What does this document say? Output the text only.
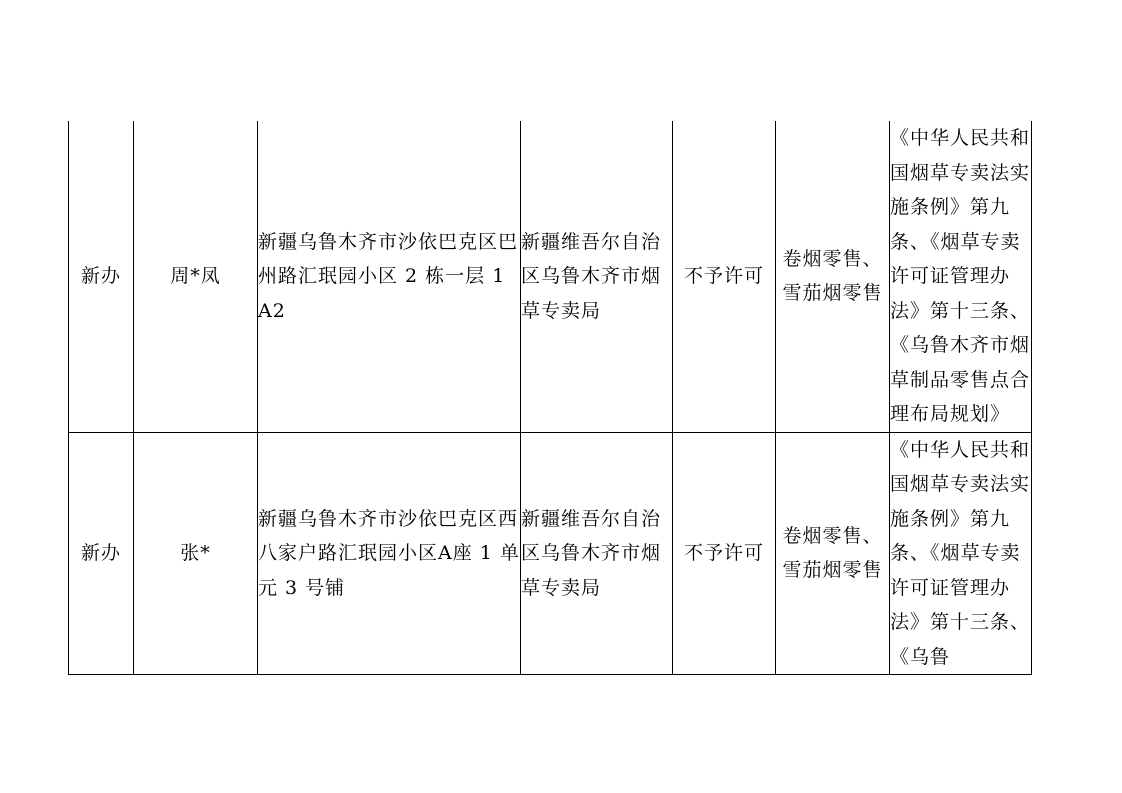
新办	周*凤	新疆乌鲁木齐市沙依巴克区巴州路汇珉园小区 2 栋一层 1A2	新疆维吾尔自治区乌鲁木齐市烟草专卖局	不予许可	卷烟零售、雪茄烟零售	《中华人民共和国烟草专卖法实施条例》第九条、《烟草专卖许可证管理办法》第十三条、《乌鲁木齐市烟草制品零售点合理布局规划》

新办	张*	新疆乌鲁木齐市沙依巴克区西八家户路汇珉园小区A座 1 单元 3 号铺	新疆维吾尔自治区乌鲁木齐市烟草专卖局	不予许可	卷烟零售、雪茄烟零售	《中华人民共和国烟草专卖法实施条例》第九条、《烟草专卖许可证管理办法》第十三条、《乌鲁
